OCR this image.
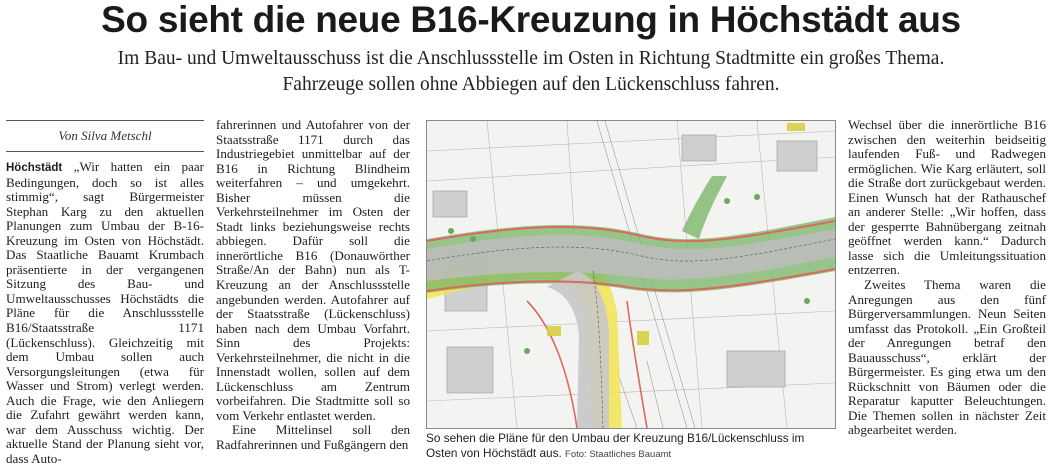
So sieht die neue B16-Kreuzung in Höchstädt aus
Im Bau- und Umweltausschuss ist die Anschlussstelle im Osten in Richtung Stadtmitte ein großes Thema.
Fahrzeuge sollen ohne Abbiegen auf den Lückenschluss fahren.
Von Silva Metschl

Höchstädt „Wir hatten ein paar Bedingungen, doch so ist alles stimmig“, sagt Bürgermeister Stephan Karg zu den aktuellen Planungen zum Umbau der B-16-Kreuzung im Osten von Höchstädt. Das Staatliche Bauamt Krumbach präsentierte in der vergangenen Sitzung des Bau- und Umweltausschusses Höchstädts die Pläne für die Anschlussstelle B16/Staatsstraße 1171 (Lückenschluss). Gleichzeitig mit dem Umbau sollen auch Versorgungsleitungen (etwa für Wasser und Strom) verlegt werden. Auch die Frage, wie den Anliegern die Zufahrt gewährt werden kann, war dem Ausschuss wichtig. Der aktuelle Stand der Planung sieht vor, dass Auto-

fahrerinnen und Autofahrer von der Staatsstraße 1171 durch das Industriegebiet unmittelbar auf der B16 in Richtung Blindheim weiterfahren – und umgekehrt. Bisher müssen die Verkehrsteilnehmer im Osten der Stadt links beziehungsweise rechts abbiegen. Dafür soll die innerörtliche B16 (Donauwörther Straße/An der Bahn) nun als T-Kreuzung an der Anschlussstelle angebunden werden. Autofahrer auf der Staatsstraße (Lückenschluss) haben nach dem Umbau Vorfahrt. Sinn des Projekts: Verkehrsteilnehmer, die nicht in die Innenstadt wollen, sollen auf dem Lückenschluss am Zentrum vorbeifahren. Die Stadtmitte soll so vom Verkehr entlastet werden.

Eine Mittelinsel soll den Radfahrerinnen und Fußgängern den So sehen die Pläne für den Umbau der Kreuzung B16/Lückenschluss im Osten von Höchstädt aus. Foto: Staatliches Bauamt

Wechsel über die innerörtliche B16 zwischen den weiterhin beidseitig laufenden Fuß- und Radwegen ermöglichen. Wie Karg erläutert, soll die Straße dort zurückgebaut werden. Einen Wunsch hat der Rathauschef an anderer Stelle: „Wir hoffen, dass der gesperrte Bahnübergang zeitnah geöffnet werden kann.“ Dadurch lasse sich die Umleitungssituation entzerren.

Zweites Thema waren die Anregungen aus den fünf Bürgerversammlungen. Neun Seiten umfasst das Protokoll. „Ein Großteil der Anregungen betraf den Bauausschuss“, erklärt der Bürgermeister. Es ging etwa um den Rückschnitt von Bäumen oder die Reparatur kaputter Beleuchtungen. Die Themen sollen in nächster Zeit abgearbeitet werden.
